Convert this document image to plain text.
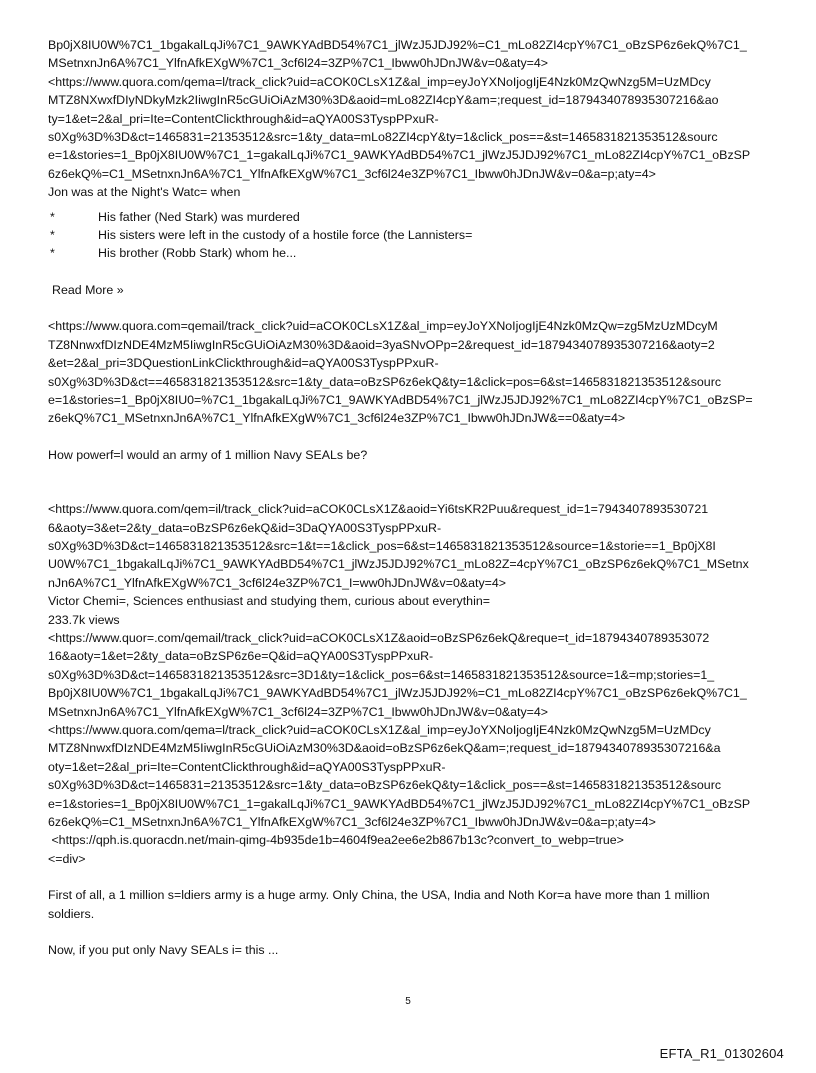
Bp0jX8IU0W%7C1_1bgakalLqJi%7C1_9AWKYAdBD54%7C1_jlWzJ5JDJ92%=C1_mLo82ZI4cpY%7C1_oBzSP6z6ekQ%7C1_
MSetnxnJn6A%7C1_YlfnAfkEXgW%7C1_3cf6l24=3ZP%7C1_Ibww0hJDnJW&v=0&aty=4>
<https://www.quora.com/qema=l/track_click?uid=aCOK0CLsX1Z&al_imp=eyJoYXNoIjogIjE4Nzk0MzQwNzg5M=UzMDcy
MTZ8NXwxfDIyNDkyMzk2IiwgInR5cGUiOiAzM30%3D&aoid=mLo82ZI4cpY&am=;request_id=1879434078935307216&ao
ty=1&et=2&al_pri=Ite=ContentClickthrough&id=aQYA00S3TyspPPxuR-
s0Xg%3D%3D&ct=1465831=21353512&src=1&ty_data=mLo82ZI4cpY&ty=1&click_pos==&st=1465831821353512&sourc
e=1&stories=1_Bp0jX8IU0W%7C1_1=gakalLqJi%7C1_9AWKYAdBD54%7C1_jlWzJ5JDJ92%7C1_mLo82ZI4cpY%7C1_oBzSP
6z6ekQ%=C1_MSetnxnJn6A%7C1_YlfnAfkEXgW%7C1_3cf6l24e3ZP%7C1_Ibww0hJDnJW&v=0&a=p;aty=4>
Jon was at the Night's Watc= when
*	His father (Ned Stark) was murdered
*	His sisters were left in the custody of a hostile force (the Lannisters=
*	His brother (Robb Stark) whom he...
Read More »
<https://www.quora.com=qemail/track_click?uid=aCOK0CLsX1Z&al_imp=eyJoYXNoIjogIjE4Nzk0MzQw=zg5MzUzMDcyM
TZ8NnwxfDIzNDE4MzM5IiwgInR5cGUiOiAzM30%3D&aoid=3yaSNvOPp=2&request_id=1879434078935307216&aoty=2
&et=2&al_pri=3DQuestionLinkClickthrough&id=aQYA00S3TyspPPxuR-
s0Xg%3D%3D&ct==465831821353512&src=1&ty_data=oBzSP6z6ekQ&ty=1&click=pos=6&st=1465831821353512&sourc
e=1&stories=1_Bp0jX8IU0=%7C1_1bgakalLqJi%7C1_9AWKYAdBD54%7C1_jlWzJ5JDJ92%7C1_mLo82ZI4cpY%7C1_oBzSP=
z6ekQ%7C1_MSetnxnJn6A%7C1_YlfnAfkEXgW%7C1_3cf6l24e3ZP%7C1_Ibww0hJDnJW&==0&aty=4>
How powerf=l would an army of 1 million Navy SEALs be?
<https://www.quora.com/qem=il/track_click?uid=aCOK0CLsX1Z&aoid=Yi6tsKR2Puu&request_id=1=7943407893530721
6&aoty=3&et=2&ty_data=oBzSP6z6ekQ&id=3DaQYA00S3TyspPPxuR-
s0Xg%3D%3D&ct=1465831821353512&src=1&t==1&click_pos=6&st=1465831821353512&source=1&storie==1_Bp0jX8I
U0W%7C1_1bgakalLqJi%7C1_9AWKYAdBD54%7C1_jlWzJ5JDJ92%7C1_mLo82Z=4cpY%7C1_oBzSP6z6ekQ%7C1_MSetnx
nJn6A%7C1_YlfnAfkEXgW%7C1_3cf6l24e3ZP%7C1_I=ww0hJDnJW&v=0&aty=4>
Victor Chemi=, Sciences enthusiast and studying them, curious about everythin=
233.7k views
<https://www.quor=.com/qemail/track_click?uid=aCOK0CLsX1Z&aoid=oBzSP6z6ekQ&reque=t_id=18794340789353072
16&aoty=1&et=2&ty_data=oBzSP6z6e=Q&id=aQYA00S3TyspPPxuR-
s0Xg%3D%3D&ct=1465831821353512&src=3D1&ty=1&click_pos=6&st=1465831821353512&source=1&=mp;stories=1_
Bp0jX8IU0W%7C1_1bgakalLqJi%7C1_9AWKYAdBD54%7C1_jlWzJ5JDJ92%=C1_mLo82ZI4cpY%7C1_oBzSP6z6ekQ%7C1_
MSetnxnJn6A%7C1_YlfnAfkEXgW%7C1_3cf6l24=3ZP%7C1_Ibww0hJDnJW&v=0&aty=4>
<https://www.quora.com/qema=l/track_click?uid=aCOK0CLsX1Z&al_imp=eyJoYXNoIjogIjE4Nzk0MzQwNzg5M=UzMDcy
MTZ8NnwxfDIzNDE4MzM5IiwgInR5cGUiOiAzM30%3D&aoid=oBzSP6z6ekQ&am=;request_id=1879434078935307216&a
oty=1&et=2&al_pri=Ite=ContentClickthrough&id=aQYA00S3TyspPPxuR-
s0Xg%3D%3D&ct=1465831=21353512&src=1&ty_data=oBzSP6z6ekQ&ty=1&click_pos==&st=1465831821353512&sourc
e=1&stories=1_Bp0jX8IU0W%7C1_1=gakalLqJi%7C1_9AWKYAdBD54%7C1_jlWzJ5JDJ92%7C1_mLo82ZI4cpY%7C1_oBzSP
6z6ekQ%=C1_MSetnxnJn6A%7C1_YlfnAfkEXgW%7C1_3cf6l24e3ZP%7C1_Ibww0hJDnJW&v=0&a=p;aty=4>
<https://qph.is.quoracdn.net/main-qimg-4b935de1b=4604f9ea2ee6e2b867b13c?convert_to_webp=true>
<=div>
First of all, a 1 million s=ldiers army is a huge army. Only China, the USA, India and Noth Kor=a have more than 1 million
soldiers.
Now, if you put only Navy SEALs i= this ...
5
EFTA_R1_01302604
